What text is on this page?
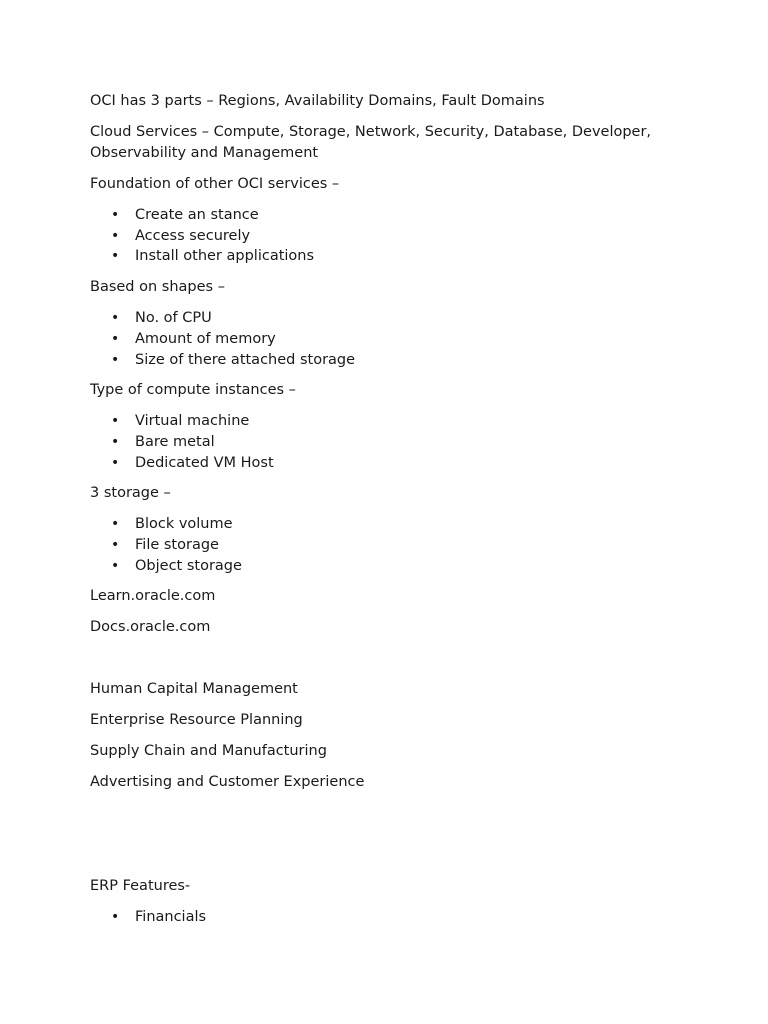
OCI has 3 parts – Regions, Availability Domains, Fault Domains

Cloud Services – Compute, Storage, Network, Security, Database, Developer, Observability and Management

Foundation of other OCI services –

• Create an stance
• Access securely
• Install other applications

Based on shapes –

• No. of CPU
• Amount of memory
• Size of there attached storage

Type of compute instances –

• Virtual machine
• Bare metal
• Dedicated VM Host

3 storage –

• Block volume
• File storage
• Object storage

Learn.oracle.com

Docs.oracle.com

Human Capital Management

Enterprise Resource Planning

Supply Chain and Manufacturing

Advertising and Customer Experience

ERP Features-

• Financials
